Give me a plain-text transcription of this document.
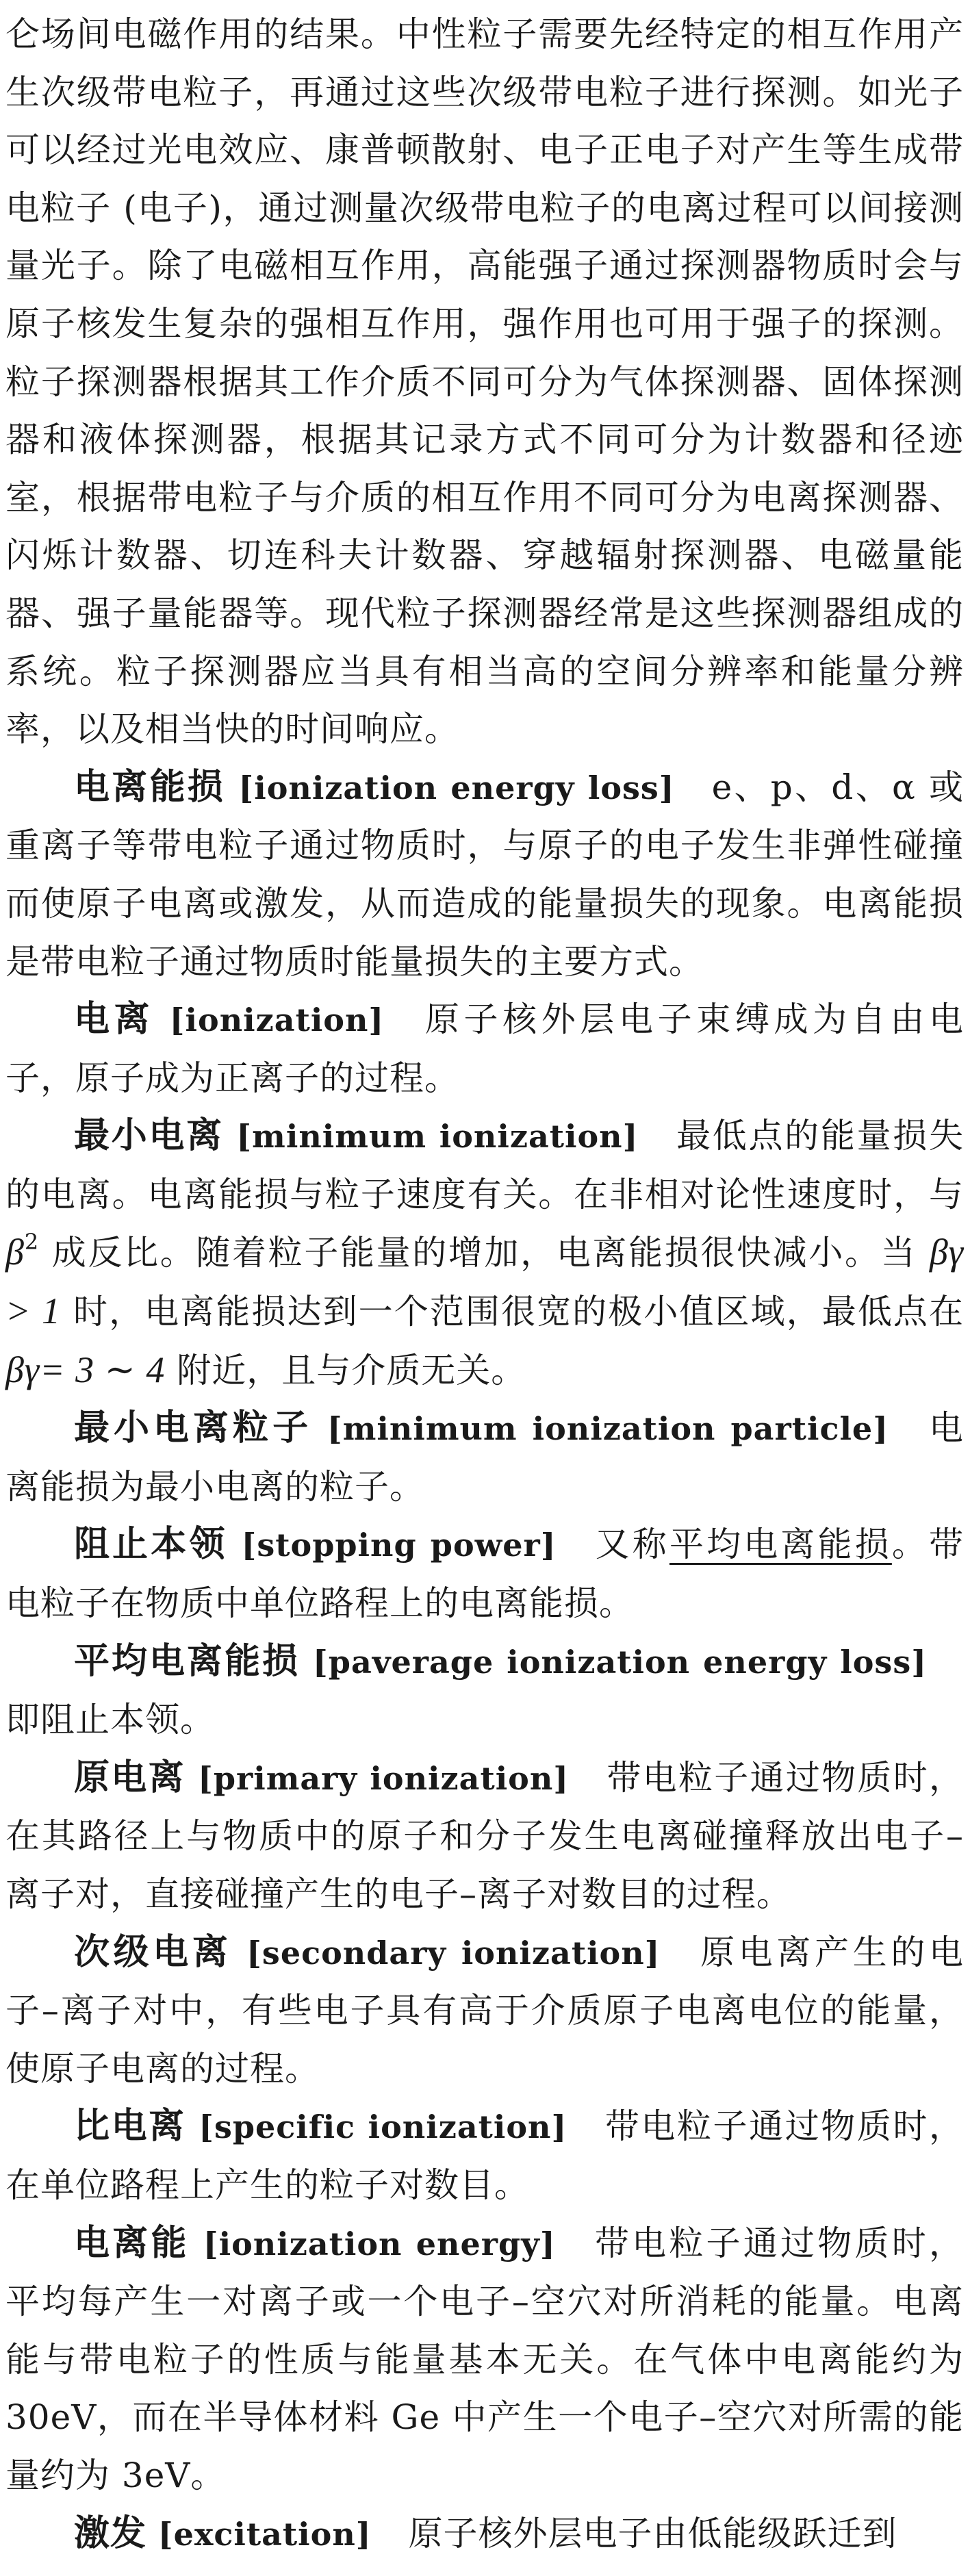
仑场间电磁作用的结果。中性粒子需要先经特定的相互作用产生次级带电粒子，再通过这些次级带电粒子进行探测。如光子可以经过光电效应、康普顿散射、电子正电子对产生等生成带电粒子 (电子)，通过测量次级带电粒子的电离过程可以间接测量光子。除了电磁相互作用，高能强子通过探测器物质时会与原子核发生复杂的强相互作用，强作用也可用于强子的探测。粒子探测器根据其工作介质不同可分为气体探测器、固体探测器和液体探测器，根据其记录方式不同可分为计数器和径迹室，根据带电粒子与介质的相互作用不同可分为电离探测器、闪烁计数器、切连科夫计数器、穿越辐射探测器、电磁量能器、强子量能器等。现代粒子探测器经常是这些探测器组成的系统。粒子探测器应当具有相当高的空间分辨率和能量分辨率，以及相当快的时间响应。

电离能损 [ionization energy loss] e、p、d、α 或重离子等带电粒子通过物质时，与原子的电子发生非弹性碰撞而使原子电离或激发，从而造成的能量损失的现象。电离能损是带电粒子通过物质时能量损失的主要方式。

电离 [ionization] 原子核外层电子束缚成为自由电子，原子成为正离子的过程。

最小电离 [minimum ionization] 最低点的能量损失的电离。电离能损与粒子速度有关。在非相对论性速度时，与 $\beta^2$ 成反比。随着粒子能量的增加，电离能损很快减小。当 βγ > 1 时，电离能损达到一个范围很宽的极小值区域，最低点在 βγ= 3 ∼ 4 附近，且与介质无关。

最小电离粒子 [minimum ionization particle] 电离能损为最小电离的粒子。

阻止本领 [stopping power] 又称平均电离能损。带电粒子在物质中单位路程上的电离能损。

平均电离能损 [paverage ionization energy loss]即阻止本领。

原电离 [primary ionization] 带电粒子通过物质时，在其路径上与物质中的原子和分子发生电离碰撞释放出电子–离子对，直接碰撞产生的电子–离子对数目的过程。

次级电离 [secondary ionization] 原电离产生的电子–离子对中，有些电子具有高于介质原子电离电位的能量，使原子电离的过程。

比电离 [specific ionization] 带电粒子通过物质时，在单位路程上产生的粒子对数目。

电离能 [ionization energy] 带电粒子通过物质时，平均每产生一对离子或一个电子–空穴对所消耗的能量。电离能与带电粒子的性质与能量基本无关。在气体中电离能约为 30eV，而在半导体材料 Ge 中产生一个电子–空穴对所需的能量约为 3eV。

激发 [excitation] 原子核外层电子由低能级跃迁到
